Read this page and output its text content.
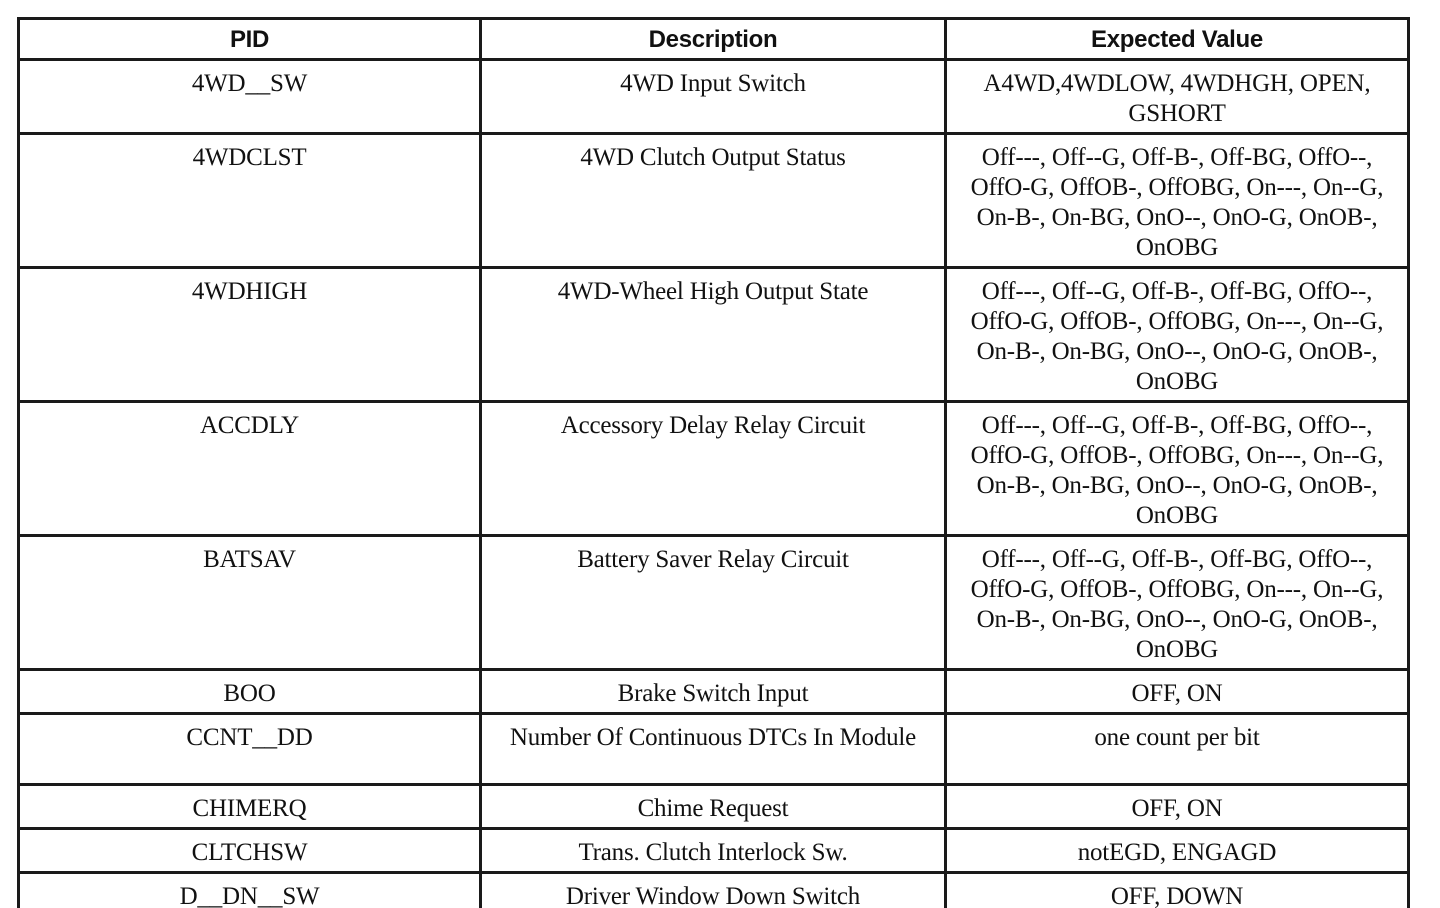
PID	Description	Expected Value
4WD__SW	4WD Input Switch	A4WD,4WDLOW, 4WDHGH, OPEN, GSHORT
4WDCLST	4WD Clutch Output Status	Off---, Off--G, Off-B-, Off-BG, OffO--, OffO-G, OffOB-, OffOBG, On---, On--G, On-B-, On-BG, OnO--, OnO-G, OnOB-, OnOBG
4WDHIGH	4WD-Wheel High Output State	Off---, Off--G, Off-B-, Off-BG, OffO--, OffO-G, OffOB-, OffOBG, On---, On--G, On-B-, On-BG, OnO--, OnO-G, OnOB-, OnOBG
ACCDLY	Accessory Delay Relay Circuit	Off---, Off--G, Off-B-, Off-BG, OffO--, OffO-G, OffOB-, OffOBG, On---, On--G, On-B-, On-BG, OnO--, OnO-G, OnOB-, OnOBG
BATSAV	Battery Saver Relay Circuit	Off---, Off--G, Off-B-, Off-BG, OffO--, OffO-G, OffOB-, OffOBG, On---, On--G, On-B-, On-BG, OnO--, OnO-G, OnOB-, OnOBG
BOO	Brake Switch Input	OFF, ON
CCNT__DD	Number Of Continuous DTCs In Module	one count per bit
CHIMERQ	Chime Request	OFF, ON
CLTCHSW	Trans. Clutch Interlock Sw.	notEGD, ENGAGD
D__DN__SW	Driver Window Down Switch	OFF, DOWN
